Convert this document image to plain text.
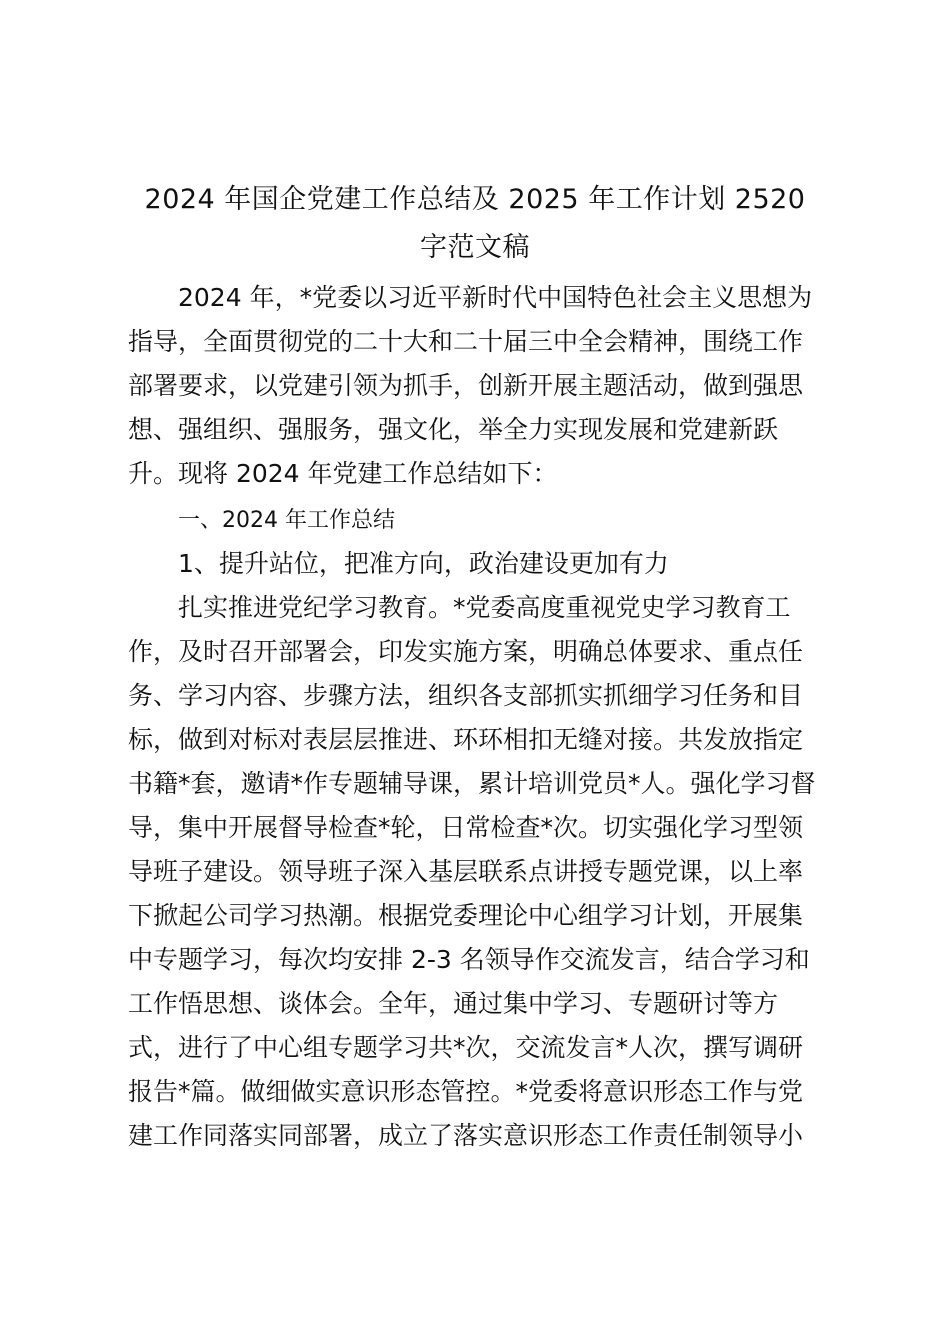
2024 年国企党建工作总结及 2025 年工作计划 2520
字范文稿
2024 年，*党委以习近平新时代中国特色社会主义思想为
指导，全面贯彻党的二十大和二十届三中全会精神，围绕工作
部署要求，以党建引领为抓手，创新开展主题活动，做到强思
想、强组织、强服务，强文化，举全力实现发展和党建新跃
升。现将 2024 年党建工作总结如下：
一、2024 年工作总结
1、提升站位，把准方向，政治建设更加有力
扎实推进党纪学习教育。*党委高度重视党史学习教育工
作，及时召开部署会，印发实施方案，明确总体要求、重点任
务、学习内容、步骤方法，组织各支部抓实抓细学习任务和目
标，做到对标对表层层推进、环环相扣无缝对接。共发放指定
书籍*套，邀请*作专题辅导课，累计培训党员*人。强化学习督
导，集中开展督导检查*轮，日常检查*次。切实强化学习型领
导班子建设。领导班子深入基层联系点讲授专题党课，以上率
下掀起公司学习热潮。根据党委理论中心组学习计划，开展集
中专题学习，每次均安排 2-3 名领导作交流发言，结合学习和
工作悟思想、谈体会。全年，通过集中学习、专题研讨等方
式，进行了中心组专题学习共*次，交流发言*人次，撰写调研
报告*篇。做细做实意识形态管控。*党委将意识形态工作与党
建工作同落实同部署，成立了落实意识形态工作责任制领导小
